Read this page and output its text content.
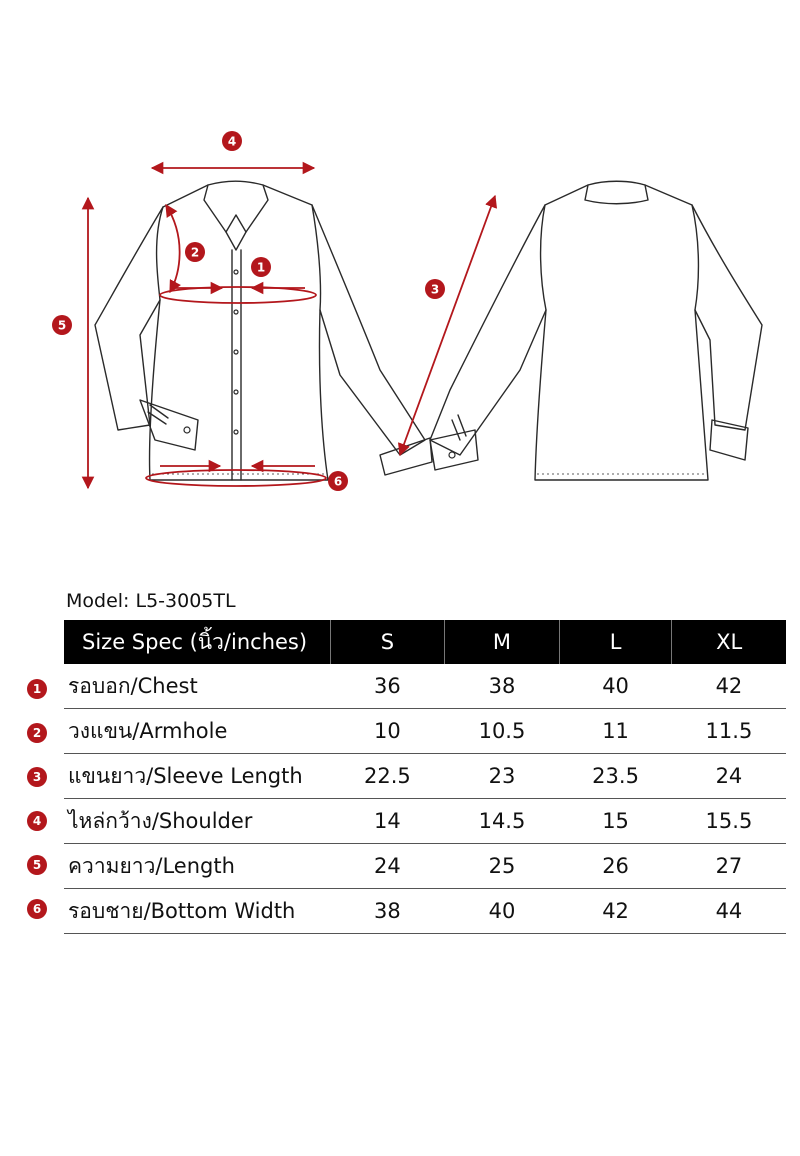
4
2
1
5
3
6
Model: L5-3005TL
Size Spec (นิ้ว/inches)	S	M	L	XL
รอบอก/Chest	36	38	40	42
วงแขน/Armhole	10	10.5	11	11.5
แขนยาว/Sleeve Length	22.5	23	23.5	24
ไหล่กว้าง/Shoulder	14	14.5	15	15.5
ความยาว/Length	24	25	26	27
รอบชาย/Bottom Width	38	40	42	44
1
2
3
4
5
6
